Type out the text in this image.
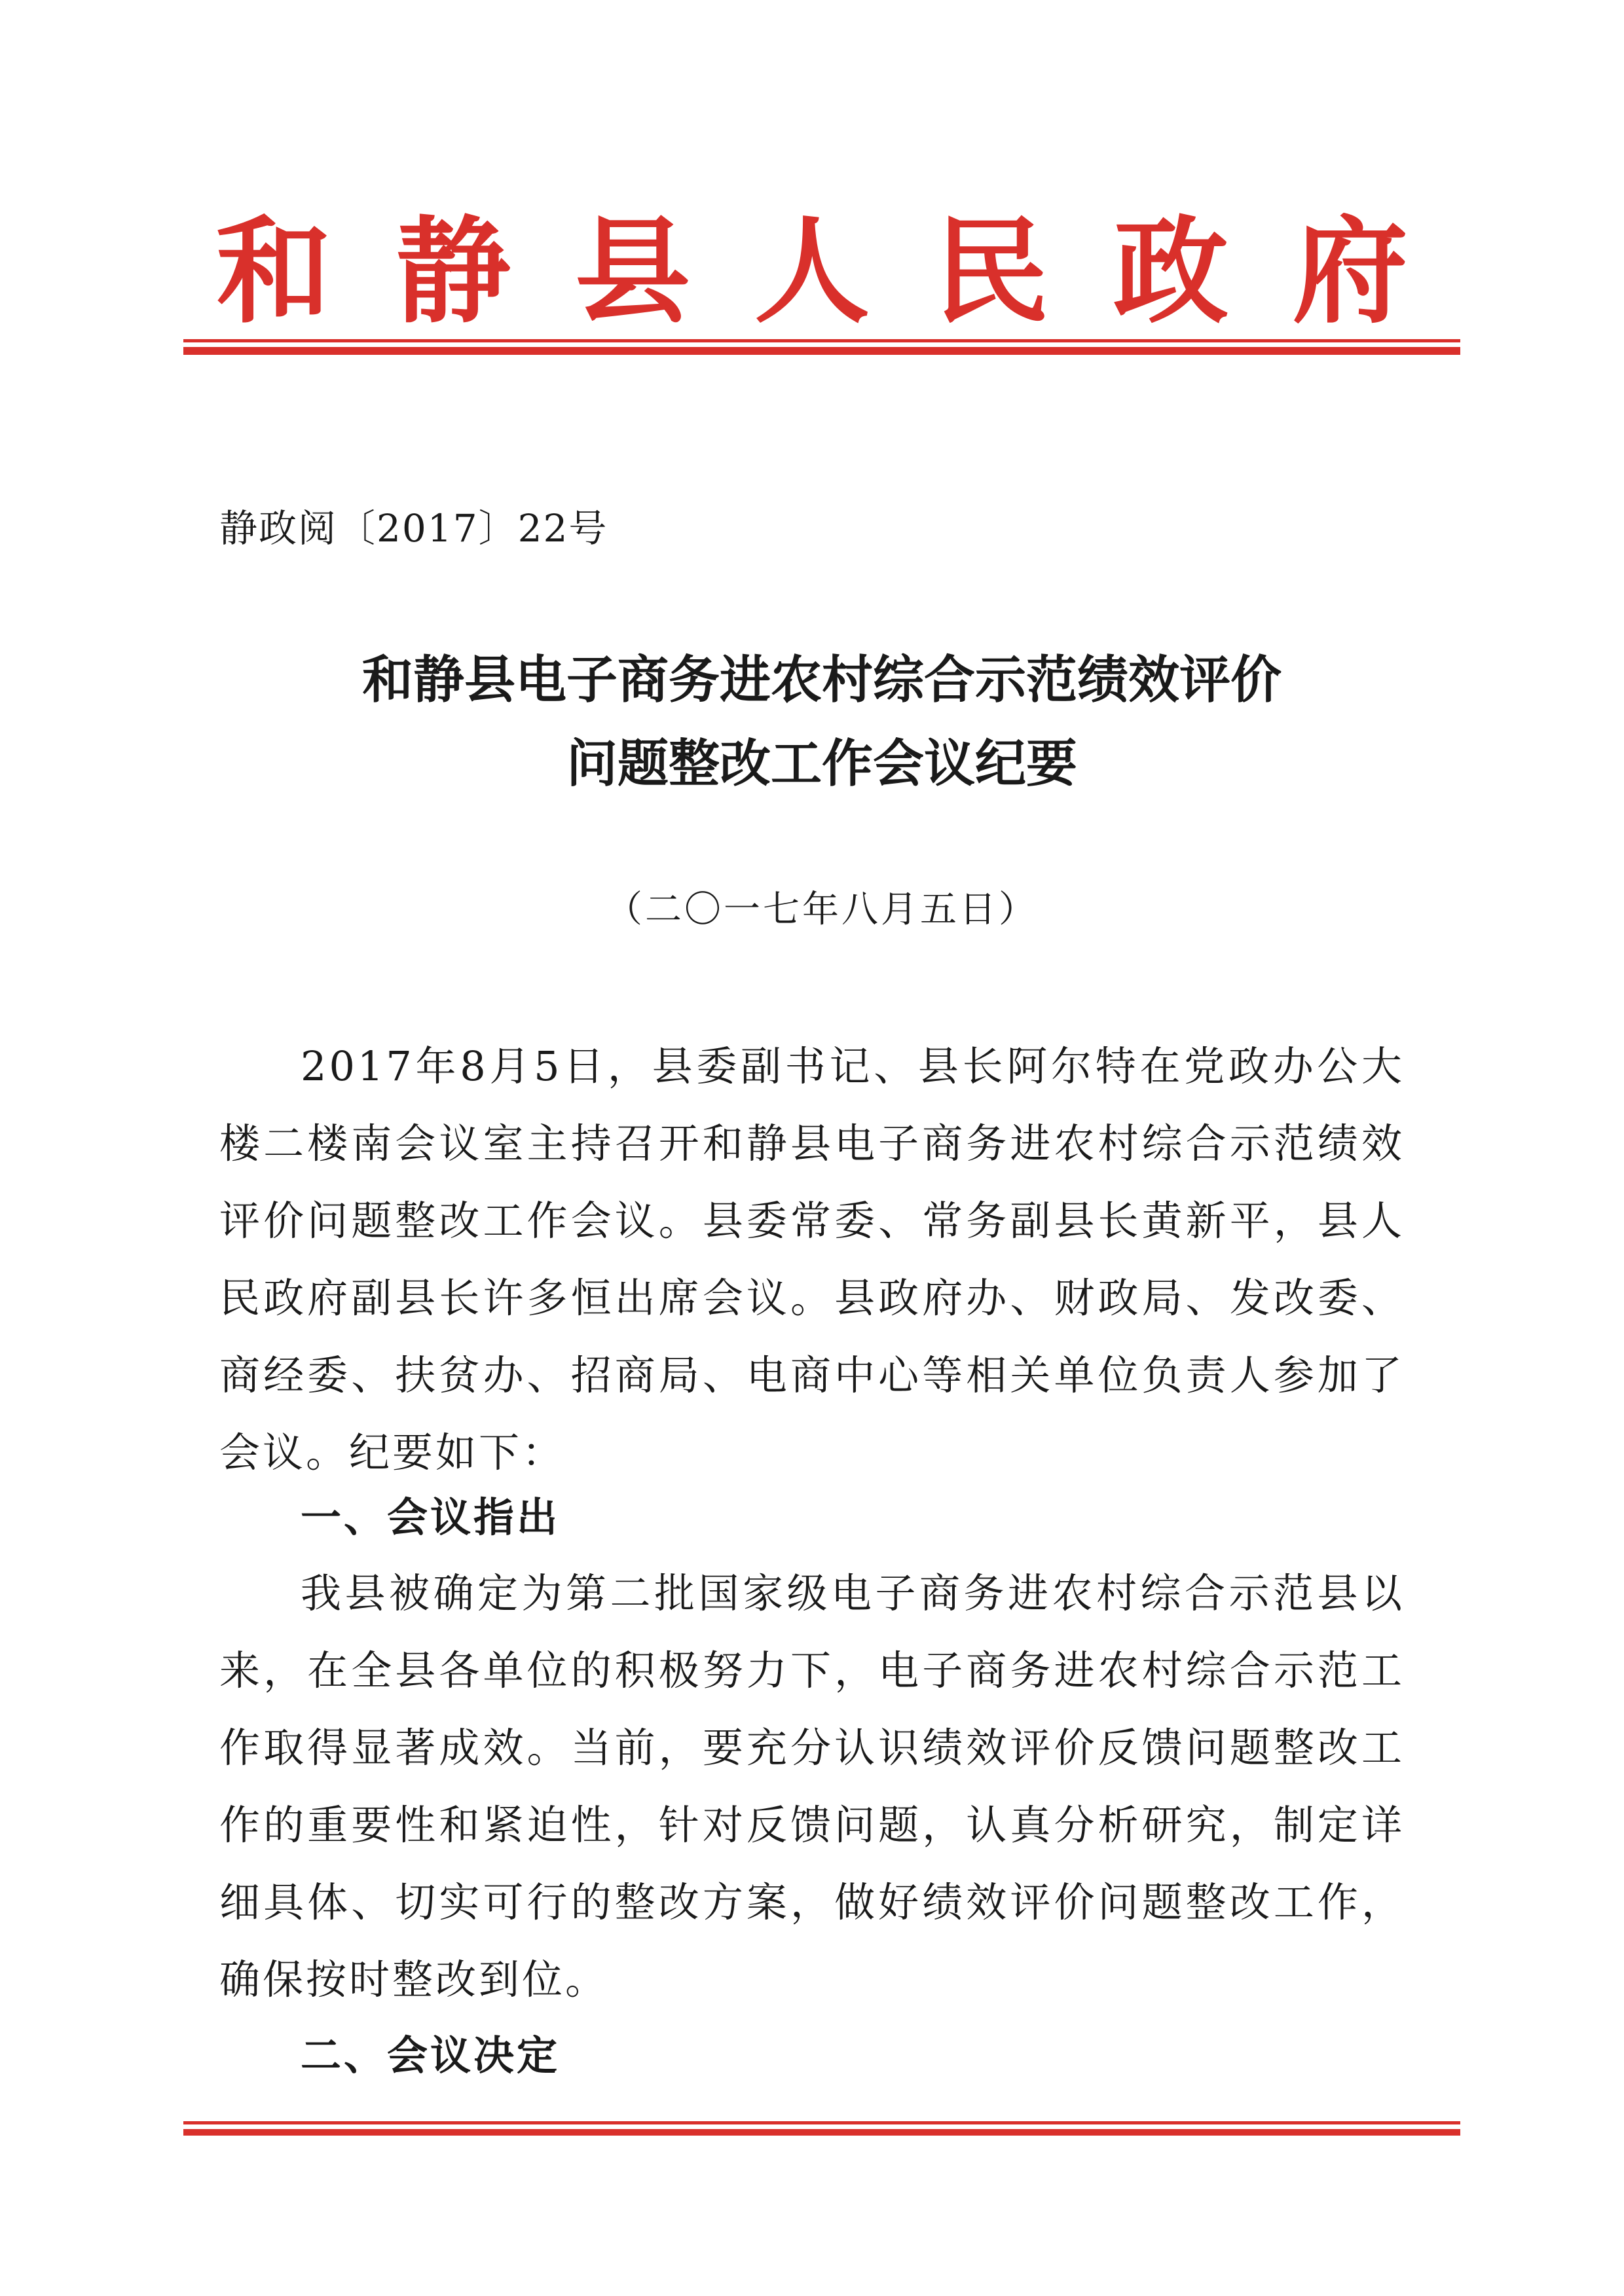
和 静 县 人 民 政 府
静政阅〔2017〕22号
和静县电子商务进农村综合示范绩效评价
问题整改工作会议纪要
（二〇一七年八月五日）

2017年8月5日，县委副书记、县长阿尔特在党政办公大楼二楼南会议室主持召开和静县电子商务进农村综合示范绩效评价问题整改工作会议。县委常委、常务副县长黄新平，县人民政府副县长许多恒出席会议。县政府办、财政局、发改委、商经委、扶贫办、招商局、电商中心等相关单位负责人参加了会议。纪要如下：

一、会议指出

我县被确定为第二批国家级电子商务进农村综合示范县以来，在全县各单位的积极努力下，电子商务进农村综合示范工作取得显著成效。当前，要充分认识绩效评价反馈问题整改工作的重要性和紧迫性，针对反馈问题，认真分析研究，制定详细具体、切实可行的整改方案，做好绩效评价问题整改工作，确保按时整改到位。

二、会议决定
